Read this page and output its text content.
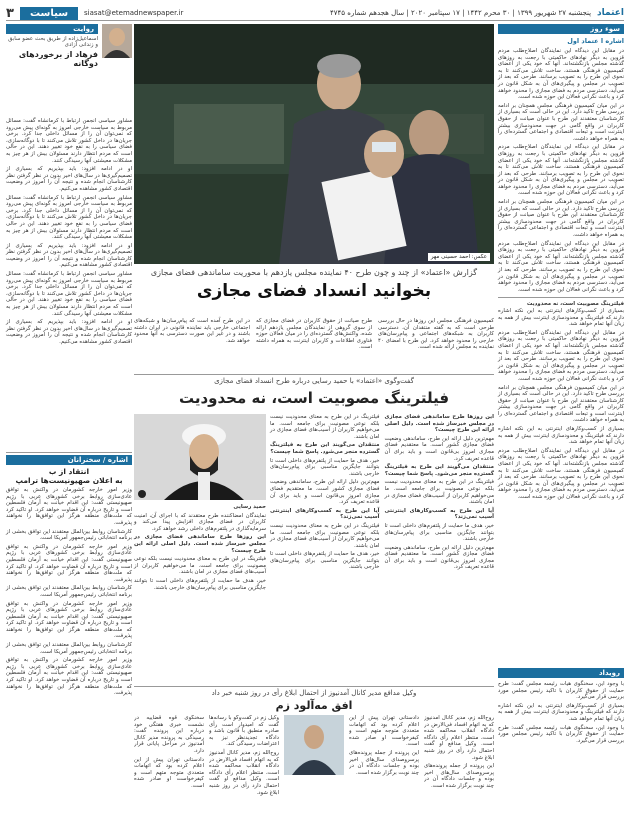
اعتماد
پنجشنبه ۲۷ شهریور ۱۳۹۹ | ۳۰ محرم ۱۴۴۲ | ۱۷ سپتامبر ۲۰۲۰ | سال هجدهم شماره ۴۷۴۵
۳	سیاست	siasat@etemadnewspaper.ir
سوء‌ روز
اشاره ا عتماد اول

در مقابل این دیدگاه این نمایندگان اصلاح‌طلب مردم قزوین به دیگر نهادهای حاکمیتی با رجعت به روزهای گذشته مجلس بازنگشته‌اند. آنها که خود یکی از اعضای کمیسیون فرهنگی هستند، ساخت تلاش می‌کنند تا به نحوی این طرح را به تصویب برسانند. طرحی که بعد از تصویب در مجلس و پیگیری‌های آن به شکل قانون در می‌آید، دسترسی مردم به فضای مجازی را محدود خواهد کرد و باعث نگرانی فعالان این حوزه شده است.

در این میان کمیسیون فرهنگی مجلس همچنان بر ادامه بررسی طرح تاکید دارد. این در حالی است که بسیاری از کارشناسان معتقدند این طرح با عنوان صیانت از حقوق کاربران در واقع گامی در جهت محدودسازی بیشتر اینترنت است و تبعات اقتصادی و اجتماعی گسترده‌ای را به همراه خواهد داشت.

در مقابل این دیدگاه این نمایندگان اصلاح‌طلب مردم قزوین به دیگر نهادهای حاکمیتی با رجعت به روزهای گذشته مجلس بازنگشته‌اند. آنها که خود یکی از اعضای کمیسیون فرهنگی هستند، ساخت تلاش می‌کنند تا به نحوی این طرح را به تصویب برسانند. طرحی که بعد از تصویب در مجلس و پیگیری‌های آن به شکل قانون در می‌آید، دسترسی مردم به فضای مجازی را محدود خواهد کرد و باعث نگرانی فعالان این حوزه شده است.

در این میان کمیسیون فرهنگی مجلس همچنان بر ادامه بررسی طرح تاکید دارد. این در حالی است که بسیاری از کارشناسان معتقدند این طرح با عنوان صیانت از حقوق کاربران در واقع گامی در جهت محدودسازی بیشتر اینترنت است و تبعات اقتصادی و اجتماعی گسترده‌ای را به همراه خواهد داشت.

در مقابل این دیدگاه این نمایندگان اصلاح‌طلب مردم قزوین به دیگر نهادهای حاکمیتی با رجعت به روزهای گذشته مجلس بازنگشته‌اند. آنها که خود یکی از اعضای کمیسیون فرهنگی هستند، ساخت تلاش می‌کنند تا به نحوی این طرح را به تصویب برسانند. طرحی که بعد از تصویب در مجلس و پیگیری‌های آن به شکل قانون در می‌آید، دسترسی مردم به فضای مجازی را محدود خواهد کرد و باعث نگرانی فعالان این حوزه شده است.

فیلترینگ مصوبیت است، نه محدودیت

بسیاری از کسب‌وکارهای اینترنتی به این نکته اشاره دارند که فیلترینگ و محدودسازی اینترنت بیش از همه به زیان آنها تمام خواهد شد.

در مقابل این دیدگاه این نمایندگان اصلاح‌طلب مردم قزوین به دیگر نهادهای حاکمیتی با رجعت به روزهای گذشته مجلس بازنگشته‌اند. آنها که خود یکی از اعضای کمیسیون فرهنگی هستند، ساخت تلاش می‌کنند تا به نحوی این طرح را به تصویب برسانند. طرحی که بعد از تصویب در مجلس و پیگیری‌های آن به شکل قانون در می‌آید، دسترسی مردم به فضای مجازی را محدود خواهد کرد و باعث نگرانی فعالان این حوزه شده است.

در این میان کمیسیون فرهنگی مجلس همچنان بر ادامه بررسی طرح تاکید دارد. این در حالی است که بسیاری از کارشناسان معتقدند این طرح با عنوان صیانت از حقوق کاربران در واقع گامی در جهت محدودسازی بیشتر اینترنت است و تبعات اقتصادی و اجتماعی گسترده‌ای را به همراه خواهد داشت.

بسیاری از کسب‌وکارهای اینترنتی به این نکته اشاره دارند که فیلترینگ و محدودسازی اینترنت بیش از همه به زیان آنها تمام خواهد شد.

در مقابل این دیدگاه این نمایندگان اصلاح‌طلب مردم قزوین به دیگر نهادهای حاکمیتی با رجعت به روزهای گذشته مجلس بازنگشته‌اند. آنها که خود یکی از اعضای کمیسیون فرهنگی هستند، ساخت تلاش می‌کنند تا به نحوی این طرح را به تصویب برسانند. طرحی که بعد از تصویب در مجلس و پیگیری‌های آن به شکل قانون در می‌آید، دسترسی مردم به فضای مجازی را محدود خواهد کرد و باعث نگرانی فعالان این حوزه شده است.

رویداد

با وجود این، سخنگوی هیات رئیسه مجلس گفت: طرح حمایت از حقوق کاربران با تاکید رئیس مجلس مورد بررسی قرار می‌گیرد.

بسیاری از کسب‌وکارهای اینترنتی به این نکته اشاره دارند که فیلترینگ و محدودسازی اینترنت بیش از همه به زیان آنها تمام خواهد شد.

با وجود این، سخنگوی هیات رئیسه مجلس گفت: طرح حمایت از حقوق کاربران با تاکید رئیس مجلس مورد بررسی قرار می‌گیرد.

عکس: احمد حسینی مهر
گزارش «اعتماد» از چند و چون طرح ۴۰ نماینده مجلس یازدهم با محوریت ساماندهی فضای مجازی
بخوانید انسداد فضای مجازی
کمیسیون فرهنگی مجلس این روزها در حال بررسی طرحی است که به گفته منتقدان آن، دسترسی کاربران به شبکه‌های اجتماعی و پیام‌رسان‌های خارجی را محدود خواهد کرد. این طرح با امضای ۴۰ نماینده به مجلس ارائه شده است.
طرح صیانت از حقوق کاربران در فضای مجازی که از سوی گروهی از نمایندگان مجلس یازدهم ارائه شده، واکنش‌های گسترده‌ای را در میان فعالان حوزه فناوری اطلاعات و کاربران اینترنت به همراه داشته است.
در این طرح آمده است که پیام‌رسان‌ها و شبکه‌های اجتماعی خارجی باید نماینده قانونی در ایران داشته باشند و در غیر این صورت دسترسی به آنها محدود خواهد شد.
گفت‌وگوی «اعتماد» با حمید رسایی درباره طرح انسداد فضای مجازی
فیلترینگ مصوبیت است، نه محدودیت

این روزها طرح ساماندهی فضای مجازی در مجلس خبرساز شده است. دلیل اصلی ارائه این طرح چیست؟

مهم‌ترین دلیل ارائه این طرح، ساماندهی وضعیت فضای مجازی کشور است. ما معتقدیم فضای مجازی امروز بی‌قانون است و باید برای آن قاعده تعریف کرد.

منتقدان می‌گویند این طرح به فیلترینگ گسترده منجر می‌شود. پاسخ شما چیست؟

فیلترینگ در این طرح به معنای محدودیت نیست بلکه نوعی مصونیت برای جامعه است. ما می‌خواهیم کاربران از آسیب‌های فضای مجازی در امان باشند.

آیا این طرح به کسب‌وکارهای اینترنتی آسیب نمی‌زند؟

خیر، هدف ما حمایت از پلتفرم‌های داخلی است تا بتوانند جایگزین مناسبی برای پیام‌رسان‌های خارجی باشند.

مهم‌ترین دلیل ارائه این طرح، ساماندهی وضعیت فضای مجازی کشور است. ما معتقدیم فضای مجازی امروز بی‌قانون است و باید برای آن قاعده تعریف کرد.

فیلترینگ در این طرح به معنای محدودیت نیست بلکه نوعی مصونیت برای جامعه است. ما می‌خواهیم کاربران از آسیب‌های فضای مجازی در امان باشند.

منتقدان می‌گویند این طرح به فیلترینگ گسترده منجر می‌شود. پاسخ شما چیست؟

خیر، هدف ما حمایت از پلتفرم‌های داخلی است تا بتوانند جایگزین مناسبی برای پیام‌رسان‌های خارجی باشند.

مهم‌ترین دلیل ارائه این طرح، ساماندهی وضعیت فضای مجازی کشور است. ما معتقدیم فضای مجازی امروز بی‌قانون است و باید برای آن قاعده تعریف کرد.

آیا این طرح به کسب‌وکارهای اینترنتی آسیب نمی‌زند؟

فیلترینگ در این طرح به معنای محدودیت نیست بلکه نوعی مصونیت برای جامعه است. ما می‌خواهیم کاربران از آسیب‌های فضای مجازی در امان باشند.

خیر، هدف ما حمایت از پلتفرم‌های داخلی است تا بتوانند جایگزین مناسبی برای پیام‌رسان‌های خارجی باشند.

حمید رسایی

نمایندگان امضاکننده طرح معتقدند که با اجرای آن، امنیت کاربران در فضای مجازی افزایش پیدا می‌کند و سرمایه‌گذاری در پلتفرم‌های داخلی رشد خواهد کرد.

این روزها طرح ساماندهی فضای مجازی در مجلس خبرساز شده است. دلیل اصلی ارائه این طرح چیست؟

فیلترینگ در این طرح به معنای محدودیت نیست بلکه نوعی مصونیت برای جامعه است. ما می‌خواهیم کاربران از آسیب‌های فضای مجازی در امان باشند.

خیر، هدف ما حمایت از پلتفرم‌های داخلی است تا بتوانند جایگزین مناسبی برای پیام‌رسان‌های خارجی باشند.

روایت
اسماعیل‌زاده از طریق بحث عضو سابق و زندانی آزادی
فرهاد از برخوردهای دوگانه

مشاور سیاسی انجمن ارتباط با کرمانشاه گفت: مسائل مربوط به سیاست خارجی امروز به گونه‌ای پیش می‌رود که نمی‌توان آن را از مسائل داخلی جدا کرد. برخی جریان‌ها در داخل کشور تلاش می‌کنند تا با دوگانه‌سازی، فضای سیاسی را به نفع خود تغییر دهند. این در حالی است که مردم انتظار دارند مسئولان بیش از هر چیز به مشکلات معیشتی آنها رسیدگی کنند.

او در ادامه افزود: باید بپذیریم که بسیاری از تصمیم‌گیری‌ها در سال‌های اخیر بدون در نظر گرفتن نظر کارشناسان انجام شده و نتیجه آن را امروز در وضعیت اقتصادی کشور مشاهده می‌کنیم.

مشاور سیاسی انجمن ارتباط با کرمانشاه گفت: مسائل مربوط به سیاست خارجی امروز به گونه‌ای پیش می‌رود که نمی‌توان آن را از مسائل داخلی جدا کرد. برخی جریان‌ها در داخل کشور تلاش می‌کنند تا با دوگانه‌سازی، فضای سیاسی را به نفع خود تغییر دهند. این در حالی است که مردم انتظار دارند مسئولان بیش از هر چیز به مشکلات معیشتی آنها رسیدگی کنند.

او در ادامه افزود: باید بپذیریم که بسیاری از تصمیم‌گیری‌ها در سال‌های اخیر بدون در نظر گرفتن نظر کارشناسان انجام شده و نتیجه آن را امروز در وضعیت اقتصادی کشور مشاهده می‌کنیم.

مشاور سیاسی انجمن ارتباط با کرمانشاه گفت: مسائل مربوط به سیاست خارجی امروز به گونه‌ای پیش می‌رود که نمی‌توان آن را از مسائل داخلی جدا کرد. برخی جریان‌ها در داخل کشور تلاش می‌کنند تا با دوگانه‌سازی، فضای سیاسی را به نفع خود تغییر دهند. این در حالی است که مردم انتظار دارند مسئولان بیش از هر چیز به مشکلات معیشتی آنها رسیدگی کنند.

او در ادامه افزود: باید بپذیریم که بسیاری از تصمیم‌گیری‌ها در سال‌های اخیر بدون در نظر گرفتن نظر کارشناسان انجام شده و نتیجه آن را امروز در وضعیت اقتصادی کشور مشاهده می‌کنیم.

اشاره / سخنرانان
انتقاد از ب
به اعلان صهیونیست‌ها ترامپ

وزیر امور خارجه کشورمان در واکنش به توافق عادی‌سازی روابط برخی کشورهای عربی با رژیم صهیونیستی گفت: این اقدام خیانت به آرمان فلسطین است و تاریخ درباره آن قضاوت خواهد کرد. او تاکید کرد که ملت‌های منطقه هرگز این توافق‌ها را نخواهند پذیرفت.

کارشناسان روابط بین‌الملل معتقدند این توافق بخشی از برنامه انتخاباتی رئیس‌جمهور آمریکا است.

وزیر امور خارجه کشورمان در واکنش به توافق عادی‌سازی روابط برخی کشورهای عربی با رژیم صهیونیستی گفت: این اقدام خیانت به آرمان فلسطین است و تاریخ درباره آن قضاوت خواهد کرد. او تاکید کرد که ملت‌های منطقه هرگز این توافق‌ها را نخواهند پذیرفت.

کارشناسان روابط بین‌الملل معتقدند این توافق بخشی از برنامه انتخاباتی رئیس‌جمهور آمریکا است.

وزیر امور خارجه کشورمان در واکنش به توافق عادی‌سازی روابط برخی کشورهای عربی با رژیم صهیونیستی گفت: این اقدام خیانت به آرمان فلسطین است و تاریخ درباره آن قضاوت خواهد کرد. او تاکید کرد که ملت‌های منطقه هرگز این توافق‌ها را نخواهند پذیرفت.

کارشناسان روابط بین‌الملل معتقدند این توافق بخشی از برنامه انتخاباتی رئیس‌جمهور آمریکا است.

وزیر امور خارجه کشورمان در واکنش به توافق عادی‌سازی روابط برخی کشورهای عربی با رژیم صهیونیستی گفت: این اقدام خیانت به آرمان فلسطین است و تاریخ درباره آن قضاوت خواهد کرد. او تاکید کرد که ملت‌های منطقه هرگز این توافق‌ها را نخواهند پذیرفت.	وکیل مدافع مدیر کانال آمدنیوز از احتمال ابلاغ رأی در روز شنبه خبر داد
افق مه‌آلود زم

روح‌الله زم، مدیر کانال آمدنیوز که به اتهام افساد فی‌الارض در دادگاه انقلاب محاکمه شده است، منتظر اعلام رأی دادگاه است. وکیل مدافع او گفت احتمال دارد رأی در روز شنبه ابلاغ شود.

این پرونده از جمله پرونده‌های پرسروصدای سال‌های اخیر بوده و جلسات دادگاه آن در چند نوبت برگزار شده است.

دادستانی تهران پیش از این اعلام کرده بود که اتهامات متعددی متوجه متهم است و کیفرخواست او صادر شده است.

این پرونده از جمله پرونده‌های پرسروصدای سال‌های اخیر بوده و جلسات دادگاه آن در چند نوبت برگزار شده است.

وکیل زم در گفت‌وگو با رسانه‌ها گفت که امیدوار است رأی صادره منطبق با قانون باشد و دادگاه تجدیدنظر نیز به اعتراضات رسیدگی کند.

روح‌الله زم، مدیر کانال آمدنیوز که به اتهام افساد فی‌الارض در دادگاه انقلاب محاکمه شده است، منتظر اعلام رأی دادگاه است. وکیل مدافع او گفت احتمال دارد رأی در روز شنبه ابلاغ شود.

سخنگوی قوه قضاییه در نشست خبری هفتگی خود درباره این پرونده گفت: رسیدگی به پرونده مدیر کانال آمدنیوز در مراحل پایانی قرار دارد.

دادستانی تهران پیش از این اعلام کرده بود که اتهامات متعددی متوجه متهم است و کیفرخواست او صادر شده است.
